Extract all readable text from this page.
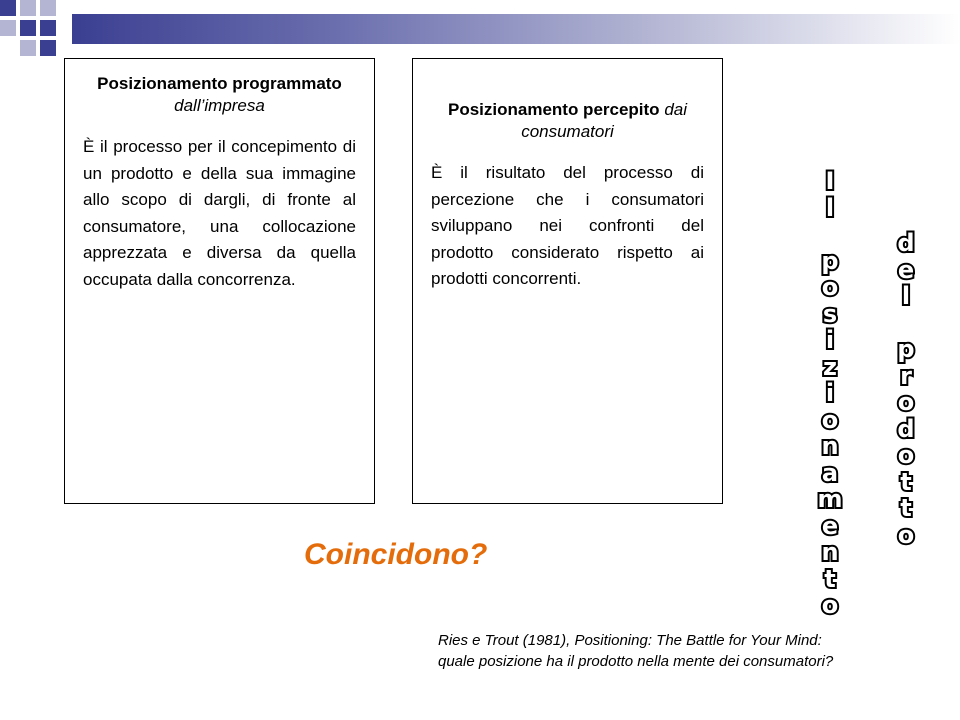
Posizionamento programmato
dall’impresa
È il processo per il concepimento di un prodotto e della sua immagine allo scopo di dargli, di fronte al consumatore, una collocazione apprezzata e diversa da quella occupata dalla concorrenza.
Posizionamento percepito dai consumatori
È il risultato del processo di percezione che i consumatori sviluppano nei confronti del prodotto considerato rispetto ai prodotti concorrenti.
I
l

p
o
s
i
z
i
o
n
a
m
e
n
t
o
d
e
l

p
r
o
d
o
t
t
o
Coincidono?
Ries e Trout (1981), Positioning: The Battle for Your Mind:
quale posizione ha il prodotto nella mente dei consumatori?
